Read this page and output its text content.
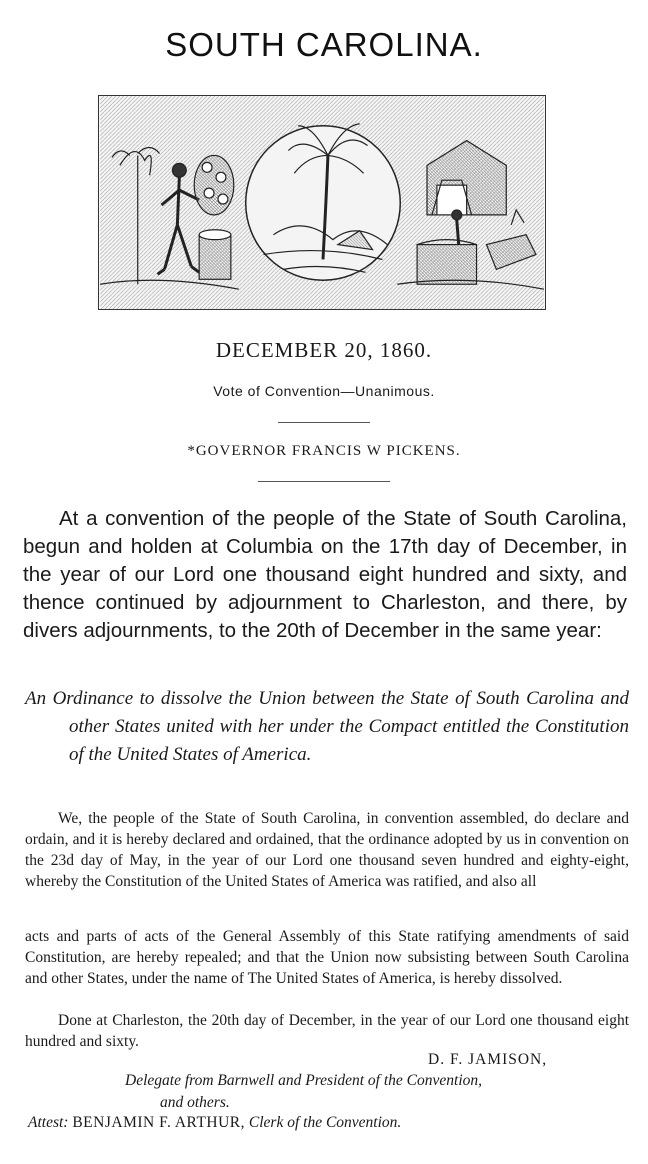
SOUTH CAROLINA.
DECEMBER 20, 1860.
Vote of Convention—Unanimous.
*GOVERNOR FRANCIS W PICKENS.

At a convention of the people of the State of South Carolina, begun and holden at Columbia on the 17th day of December, in the year of our Lord one thousand eight hundred and sixty, and thence continued by adjournment to Charleston, and there, by divers adjournments, to the 20th of December in the same year:

An Ordinance to dissolve the Union between the State of South Carolina and other States united with her under the Compact entitled the Constitution of the United States of America.

We, the people of the State of South Carolina, in convention assembled, do declare and ordain, and it is hereby declared and ordained, that the ordinance adopted by us in convention on the 23d day of May, in the year of our Lord one thousand seven hundred and eighty-eight, whereby the Constitution of the United States of America was ratified, and also all

acts and parts of acts of the General Assembly of this State ratifying amendments of said Constitution, are hereby repealed; and that the Union now subsisting between South Carolina and other States, under the name of The United States of America, is hereby dissolved.

Done at Charleston, the 20th day of December, in the year of our Lord one thousand eight hundred and sixty.

D. F. JAMISON,
Delegate from Barnwell and President of the Convention,
and others.
Attest: BENJAMIN F. ARTHUR, Clerk of the Convention.
